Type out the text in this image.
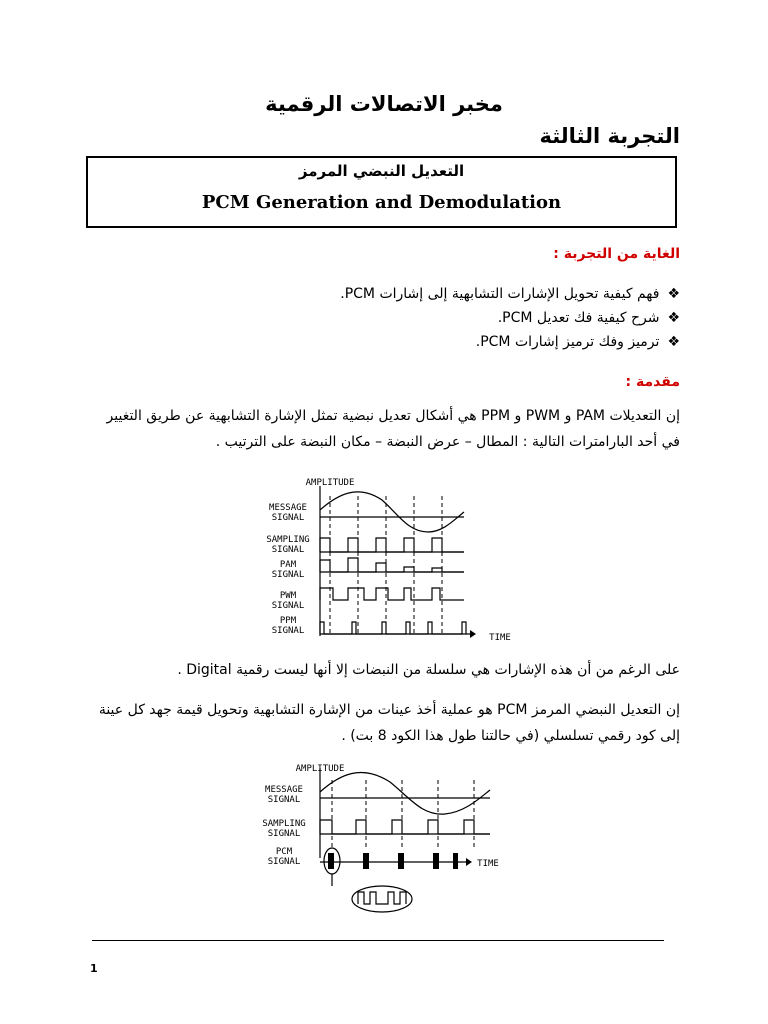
مخبر الاتصالات الرقمية
التجربة الثالثة
التعديل النبضي المرمز
PCM Generation and Demodulation
الغاية من التجربة :
❖فهم كيفية تحويل الإشارات التشابهية إلى إشارات PCM.
❖شرح كيفية فك تعديل PCM.
❖ترميز وفك ترميز إشارات PCM.
مقدمة :
إن التعديلات PAM و PWM و PPM هي أشكال تعديل نبضية تمثل الإشارة التشابهية عن طريق التغيير
في أحد البارامترات التالية : المطال – عرض النبضة – مكان النبضة على الترتيب .
AMPLITUDE
MESSAGE
SIGNAL
SAMPLING
SIGNAL
PAM
SIGNAL
PWM
SIGNAL
PPM
SIGNAL
TIME
على الرغم من أن هذه الإشارات هي سلسلة من النبضات إلا أنها ليست رقمية Digital .
إن التعديل النبضي المرمز PCM هو عملية أخذ عينات من الإشارة التشابهية وتحويل قيمة جهد كل عينة
إلى كود رقمي تسلسلي (في حالتنا طول هذا الكود 8 بت) .
AMPLITUDE
MESSAGE
SIGNAL
SAMPLING
SIGNAL
PCM
SIGNAL	TIME
1
